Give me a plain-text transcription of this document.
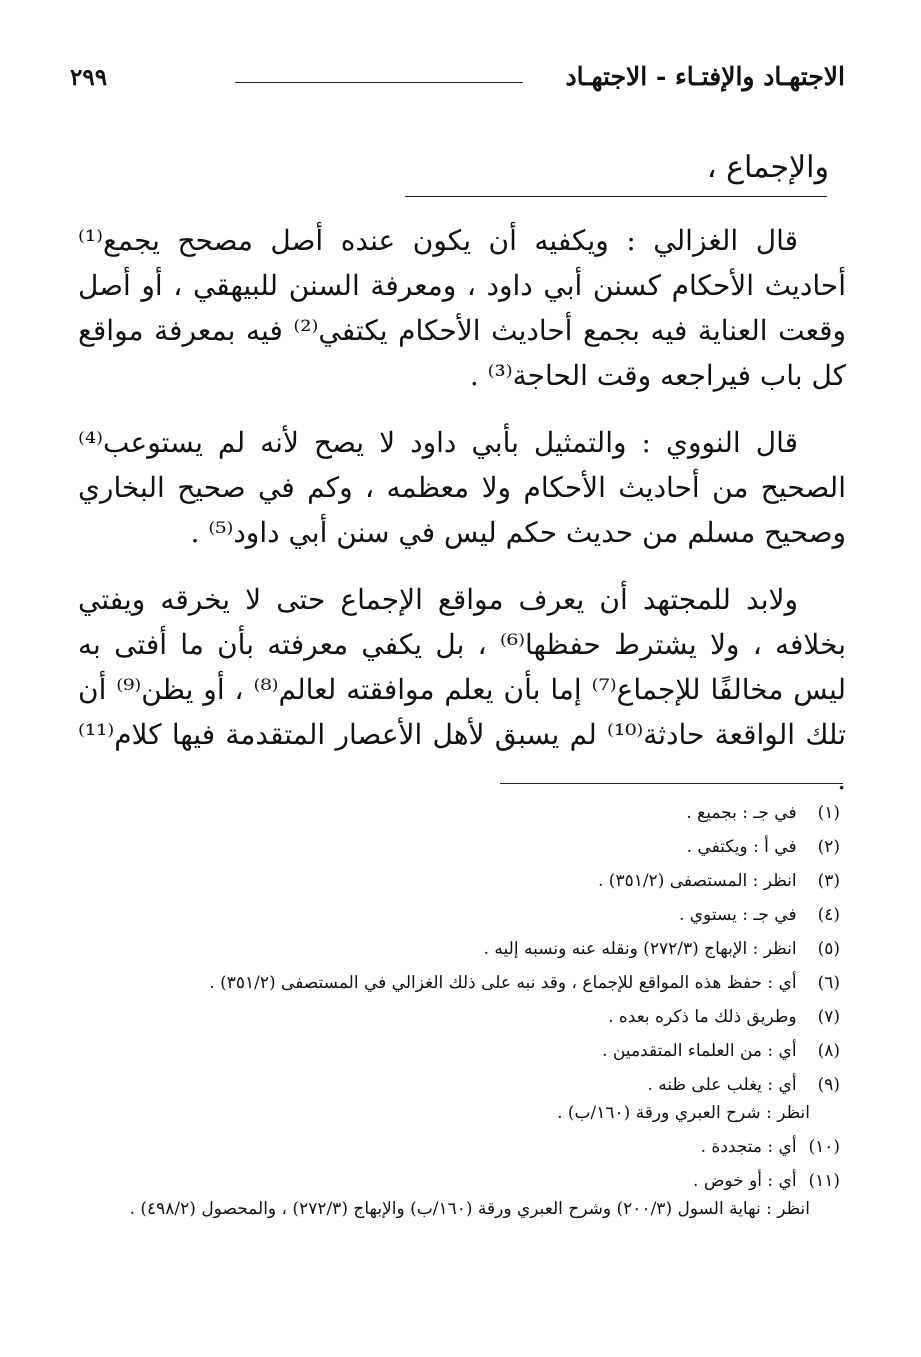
الاجتهـاد والإفتـاء - الاجتهـاد
٢٩٩
والإجماع ،

قال الغزالي : ويكفيه أن يكون عنده أصل مصحح يجمع⁽¹⁾ أحاديث الأحكام كسنن أبي داود ، ومعرفة السنن للبيهقي ، أو أصل وقعت العناية فيه بجمع أحاديث الأحكام يكتفي⁽²⁾ فيه بمعرفة مواقع كل باب فيراجعه وقت الحاجة⁽³⁾ .

قال النووي : والتمثيل بأبي داود لا يصح لأنه لم يستوعب⁽⁴⁾ الصحيح من أحاديث الأحكام ولا معظمه ، وكم في صحيح البخاري وصحيح مسلم من حديث حكم ليس في سنن أبي داود⁽⁵⁾ .

ولابد للمجتهد أن يعرف مواقع الإجماع حتى لا يخرقه ويفتي بخلافه ، ولا يشترط حفظها⁽⁶⁾ ، بل يكفي معرفته بأن ما أفتى به ليس مخالفًا للإجماع⁽⁷⁾ إما بأن يعلم موافقته لعالم⁽⁸⁾ ، أو يظن⁽⁹⁾ أن تلك الواقعة حادثة⁽¹⁰⁾ لم يسبق لأهل الأعصار المتقدمة فيها كلام⁽¹¹⁾ .

(١) في جـ : بجميع .
(٢) في أ : ويكتفي .
(٣) انظر : المستصفى (٣٥١/٢) .
(٤) في جـ : يستوي .
(٥) انظر : الإبهاج (٢٧٢/٣) ونقله عنه ونسبه إليه .
(٦) أي : حفظ هذه المواقع للإجماع ، وقد نبه على ذلك الغزالي في المستصفى (٣٥١/٢) .
(٧) وطريق ذلك ما ذكره بعده .
(٨) أي : من العلماء المتقدمين .
(٩) أي : يغلب على ظنه .
انظر : شرح العبري ورقة (١٦٠/ب) .
(١٠) أي : متجددة .
(١١) أي : أو خوض .
انظر : نهاية السول (٢٠٠/٣) وشرح العبري ورقة (١٦٠/ب) والإبهاج (٢٧٢/٣) ، والمحصول (٤٩٨/٢) .
